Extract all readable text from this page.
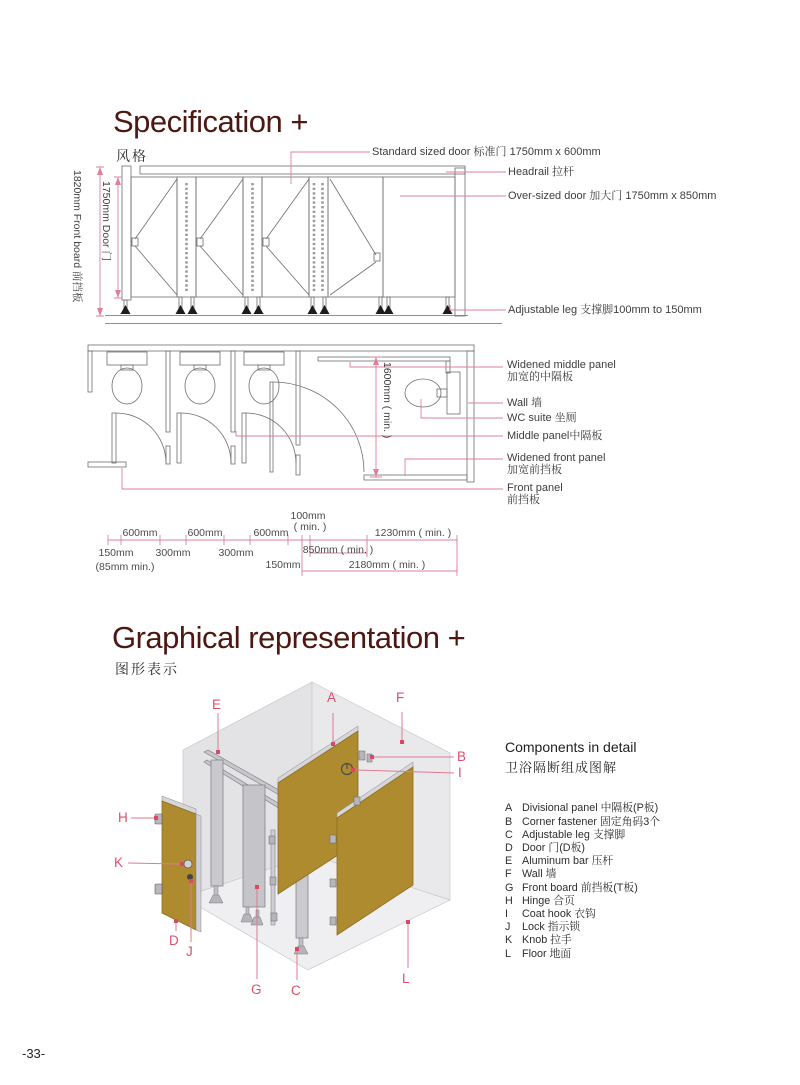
Specification +
风格	Standard sized door 标准门 1750mm x 600mm
Headrail 拉杆
Over-sized door 加大门 1750mm x 850mm
Adjustable leg 支撑脚100mm to 150mm
1820mm Front board 前挡板 1750mm Door 门
1600mm ( min. )	Widened middle panel
加宽的中隔板
Wall 墙
WC suite 坐厕
Middle panel中隔板
Widened front panel
加宽前挡板
Front panel
前挡板
600mm	600mm	600mm
100mm
( min. )	1230mm ( min. )
150mm 300mm	300mm	850mm ( min. )
150mm
(85mm min.)	2180mm ( min. )
Graphical representation +
图形表示
E	A	F
B
I
H
K
D
J
G C
L
Components in detail
卫浴隔断组成图解
A Divisional panel 中隔板(P板)
B Corner fastener 固定角码3个
C Adjustable leg 支撑脚
D Door 门(D板)
E Aluminum bar 压杆
F Wall 墙
G Front board 前挡板(T板)
H Hinge 合页
I	Coat hook 衣钩
J	Lock 指示锁
K Knob 拉手
L	Floor 地面
-33-
